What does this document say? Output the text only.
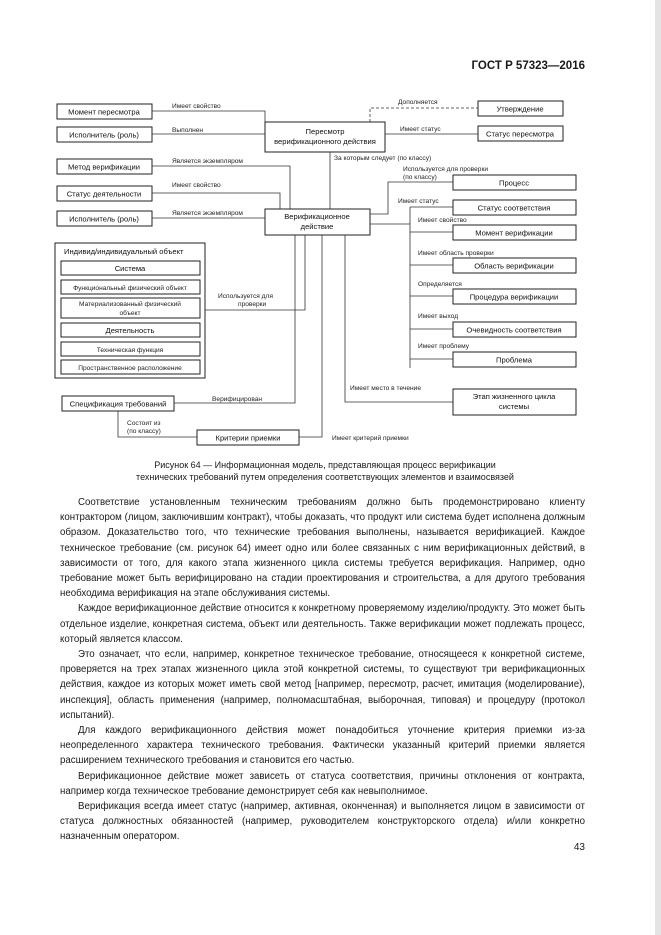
ГОСТ Р 57323—2016
Момент пересмотра
Исполнитель (роль)
Метод верификации
Статус деятельности
Исполнитель (роль)
Пересмотр
верификационного действия
Верификационное
действие
Утверждение
Статус пересмотра
Процесс
Статус соответствия
Момент верификации
Область верификации
Процедура верификации
Очевидность соответствия
Проблема
Этап жизненного цикла
системы
Спецификация требований
Критерии приемки
Индивид/индивидуальный объект
Система
Функциональный физический объект
Материализованный физический
объект
Деятельность
Техническая функция
Пространственное расположение
Имеет свойство
Выполнен
Является экземпляром
Имеет свойство
Является экземпляром
Дополняется
Имеет статус
За которым следует (по классу)
Используется для проверки
(по классу)
Имеет статус
Имеет свойство
Имеет область проверки
Определяется
Имеет выход
Имеет проблему
Имеет место в течение
Используется для
проверки
Верифицирован
Состоит из
(по классу)
Имеет критерий приемки
Рисунок 64 — Информационная модель, представляющая процесс верификации
технических требований путем определения соответствующих элементов и взаимосвязей

Соответствие установленным техническим требованиям должно быть продемонстрировано клиенту контрактором (лицом, заключившим контракт), чтобы доказать, что продукт или система будет исполнена должным образом. Доказательство того, что технические требования выполнены, называется верификацией. Каждое техническое требование (см. рисунок 64) имеет одно или более связанных с ним верификационных действий, в зависимости от того, для какого этапа жизненного цикла системы требуется верификация. Например, одно требование может быть верифицировано на стадии проектирования и строительства, а для другого требования необходима верификация на этапе обслуживания системы.

Каждое верификационное действие относится к конкретному проверяемому изделию/продукту. Это может быть отдельное изделие, конкретная система, объект или деятельность. Также верификации может подлежать процесс, который является классом.

Это означает, что если, например, конкретное техническое требование, относящееся к конкретной системе, проверяется на трех этапах жизненного цикла этой конкретной системы, то существуют три верификационных действия, каждое из которых может иметь свой метод [например, пересмотр, расчет, имитация (моделирование), инспекция], область применения (например, полномасштабная, выборочная, типовая) и процедуру (протокол испытаний).

Для каждого верификационного действия может понадобиться уточнение критерия приемки из-за неопределенного характера технического требования. Фактически указанный критерий приемки является расширением технического требования и становится его частью.

Верификационное действие может зависеть от статуса соответствия, причины отклонения от контракта, например когда техническое требование демонстрирует себя как невыполнимое.

Верификация всегда имеет статус (например, активная, оконченная) и выполняется лицом в зависимости от статуса должностных обязанностей (например, руководителем конструкторского отдела) и/или конкретно назначенным оператором.

43
